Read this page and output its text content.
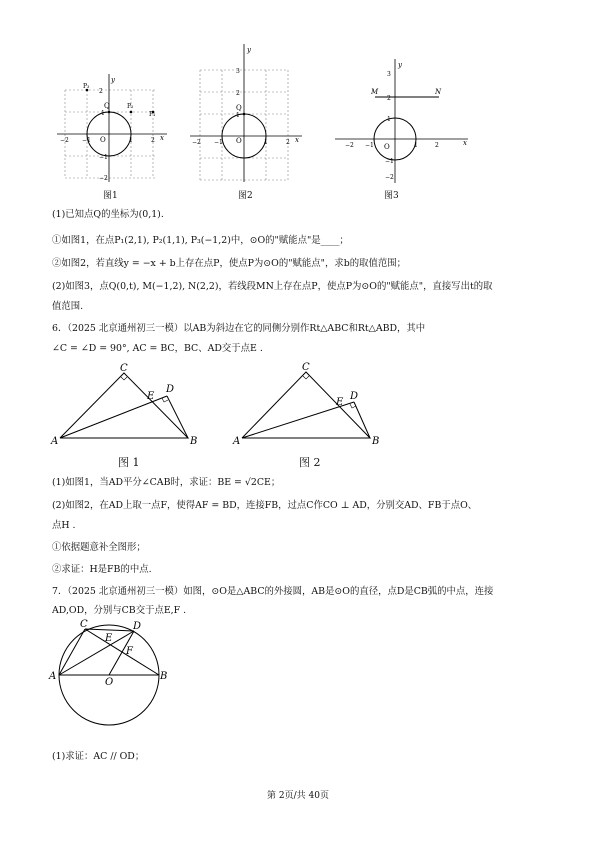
y
x
O
Q	P₂
P₁
P₃
2
1
−1
−2
−2 −1	1	2
图1
y
x
O
Q
3
2
1
−2 −1	1	2
图2
y
x
O
M	N
3
2
1
−2 −1	1	2
−1
−2
图3
(1)已知点Q的坐标为(0,1).
①如图1，在点P₁(2,1), P₂(1,1), P₃(−1,2)中，⊙O的"赋能点"是____；
②如图2，若直线y = −x + b上存在点P，使点P为⊙O的"赋能点"，求b的取值范围；
(2)如图3，点Q(0,t), M(−1,2), N(2,2)，若线段MN上存在点P，使点P为⊙O的"赋能点"，直接写出t的取
值范围.
6．（2025 北京通州初三一模）以AB为斜边在它的同侧分别作Rt△ABC和Rt△ABD，其中
∠C = ∠D = 90°, AC = BC，BC、AD交于点E .
A	B
C
D
E
图 1
A	B
C
D
E
图 2
(1)如图1，当AD平分∠CAB时，求证：BE = √2CE；
(2)如图2，在AD上取一点F，使得AF = BD，连接FB，过点C作CO ⊥ AD，分别交AD、FB于点O、
点H .
①依据题意补全图形；
②求证：H是FB的中点.
7．（2025 北京通州初三一模）如图，⊙O是△ABC的外接圆，AB是⊙O的直径，点D是CB弧的中点，连接
AD,OD，分别与CB交于点E,F .
A	B
C	D
E
F
O
(1)求证：AC // OD；
第 2页/共 40页
